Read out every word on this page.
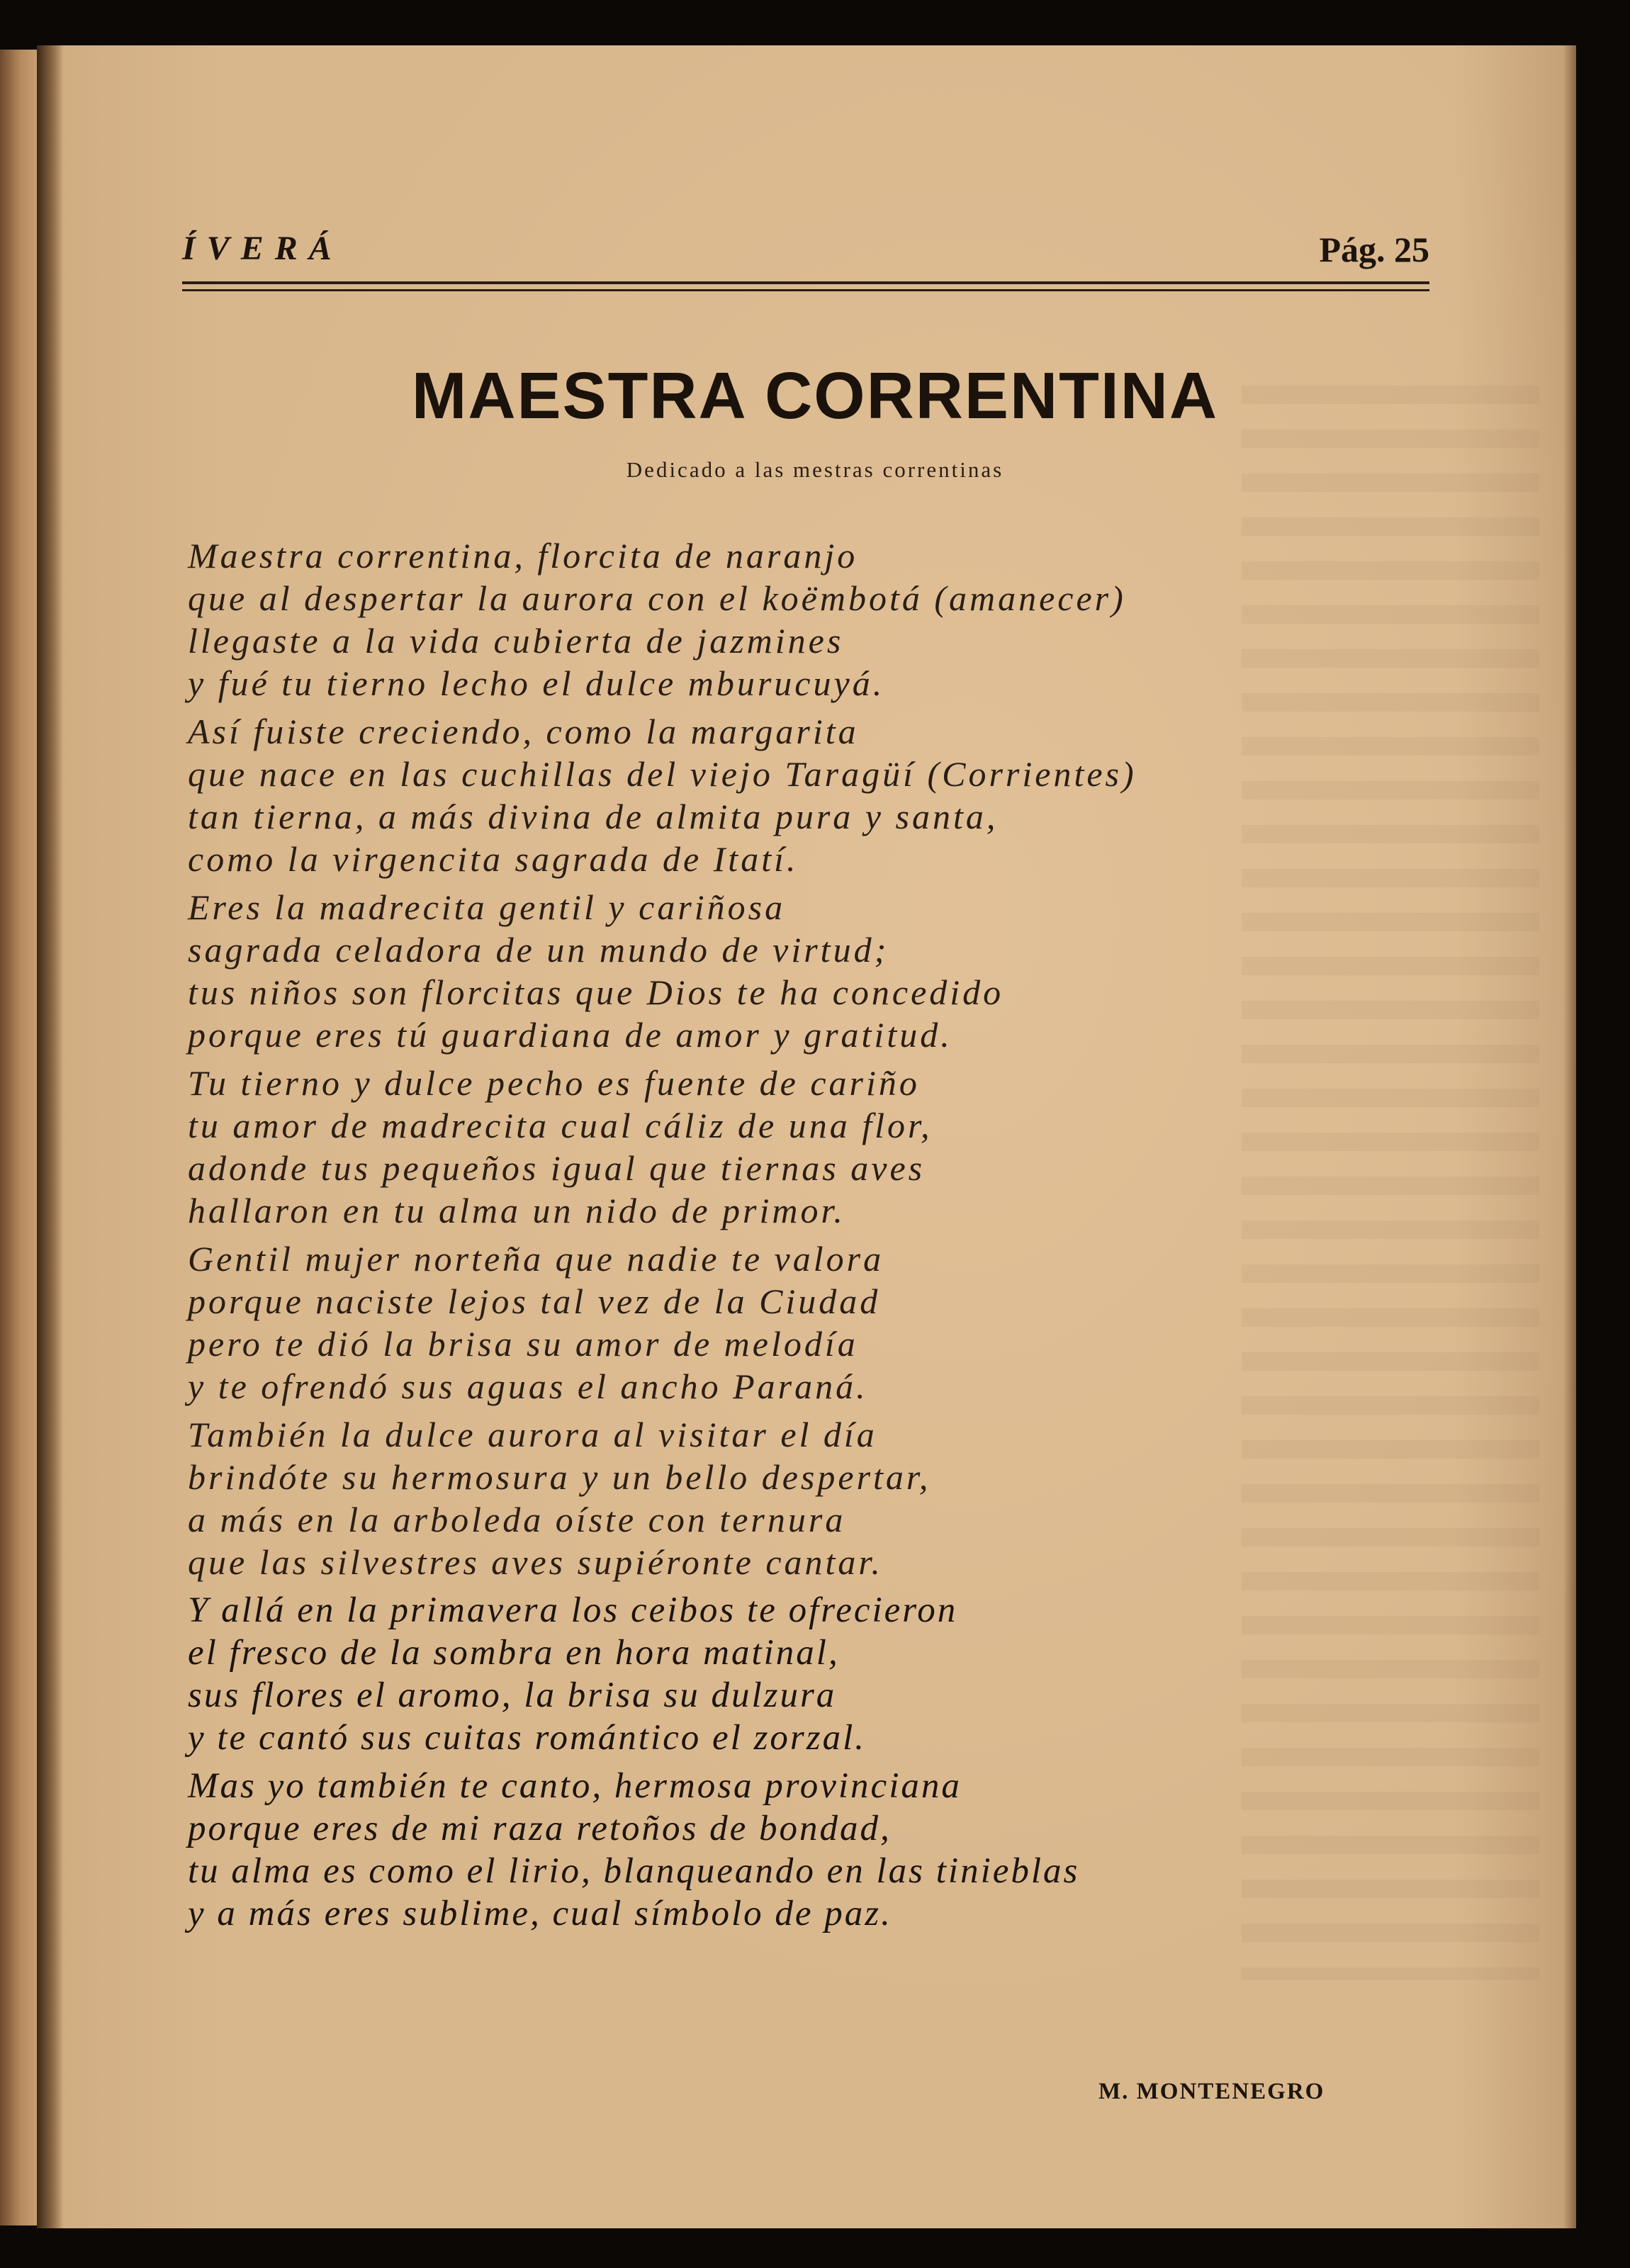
ÍVERÁ	Pág. 25
MAESTRA CORRENTINA
Dedicado a las mestras correntinas
Maestra correntina, florcita de naranjo
que al despertar la aurora con el koëmbotá (amanecer)
llegaste a la vida cubierta de jazmines
y fué tu tierno lecho el dulce mburucuyá.
Así fuiste creciendo, como la margarita
que nace en las cuchillas del viejo Taragüí (Corrientes)
tan tierna, a más divina de almita pura y santa,
como la virgencita sagrada de Itatí.
Eres la madrecita gentil y cariñosa
sagrada celadora de un mundo de virtud;
tus niños son florcitas que Dios te ha concedido
porque eres tú guardiana de amor y gratitud.
Tu tierno y dulce pecho es fuente de cariño
tu amor de madrecita cual cáliz de una flor,
adonde tus pequeños igual que tiernas aves
hallaron en tu alma un nido de primor.
Gentil mujer norteña que nadie te valora
porque naciste lejos tal vez de la Ciudad
pero te dió la brisa su amor de melodía
y te ofrendó sus aguas el ancho Paraná.
También la dulce aurora al visitar el día
brindóte su hermosura y un bello despertar,
a más en la arboleda oíste con ternura
que las silvestres aves supiéronte cantar.
Y allá en la primavera los ceibos te ofrecieron
el fresco de la sombra en hora matinal,
sus flores el aromo, la brisa su dulzura
y te cantó sus cuitas romántico el zorzal.
Mas yo también te canto, hermosa provinciana
porque eres de mi raza retoños de bondad,
tu alma es como el lirio, blanqueando en las tinieblas
y a más eres sublime, cual símbolo de paz.
M. MONTENEGRO
